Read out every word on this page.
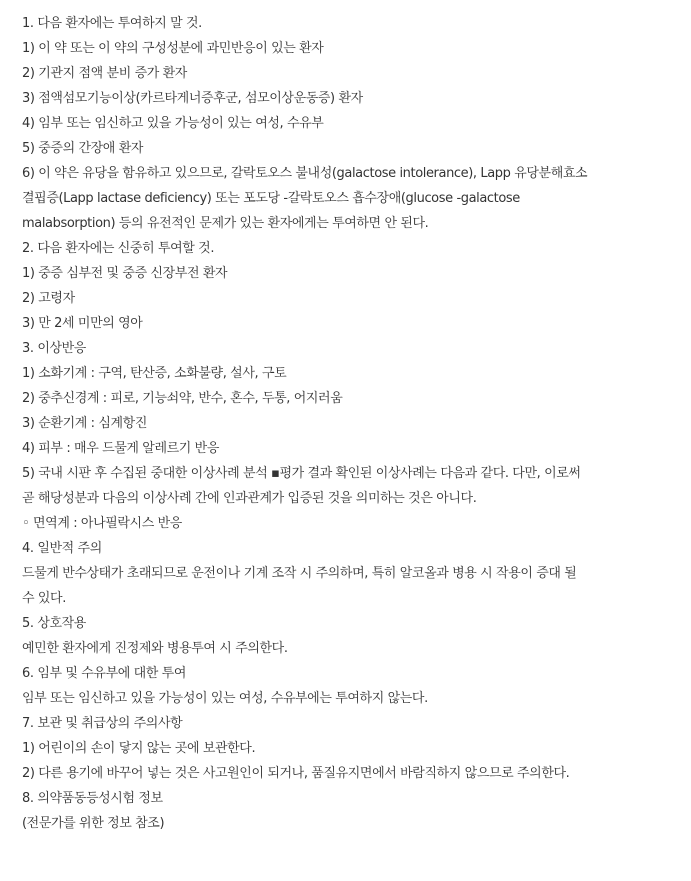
1. 다음 환자에는 투여하지 말 것.
1) 이 약 또는 이 약의 구성성분에 과민반응이 있는 환자
2) 기관지 점액 분비 증가 환자
3) 점액섬모기능이상(카르타게너증후군, 섬모이상운동증) 환자
4) 임부 또는 임신하고 있을 가능성이 있는 여성, 수유부
5) 중증의 간장애 환자
6) 이 약은 유당을 함유하고 있으므로, 갈락토오스 불내성(galactose intolerance), Lapp 유당분해효소
결핍증(Lapp lactase deficiency) 또는 포도당 -갈락토오스 흡수장애(glucose -galactose
malabsorption) 등의 유전적인 문제가 있는 환자에게는 투여하면 안 된다.
2. 다음 환자에는 신중히 투여할 것.
1) 중증 심부전 및 중증 신장부전 환자
2) 고령자
3) 만 2세 미만의 영아
3. 이상반응
1) 소화기계 : 구역, 탄산증, 소화불량, 설사, 구토
2) 중추신경계 : 피로, 기능쇠약, 반수, 혼수, 두통, 어지러움
3) 순환기계 : 심계항진
4) 피부 : 매우 드물게 알레르기 반응
5) 국내 시판 후 수집된 중대한 이상사례 분석 ▪평가 결과 확인된 이상사례는 다음과 같다. 다만, 이로써
곧 해당성분과 다음의 이상사례 간에 인과관계가 입증된 것을 의미하는 것은 아니다.
◦ 면역계 : 아나필락시스 반응
4. 일반적 주의
드물게 반수상태가 초래되므로 운전이나 기계 조작 시 주의하며, 특히 알코올과 병용 시 작용이 증대 될
수 있다.
5. 상호작용
예민한 환자에게 진정제와 병용투여 시 주의한다.
6. 임부 및 수유부에 대한 투여
임부 또는 임신하고 있을 가능성이 있는 여성, 수유부에는 투여하지 않는다.
7. 보관 및 취급상의 주의사항
1) 어린이의 손이 닿지 않는 곳에 보관한다.
2) 다른 용기에 바꾸어 넣는 것은 사고원인이 되거나, 품질유지면에서 바람직하지 않으므로 주의한다.
8. 의약품동등성시험 정보
(전문가를 위한 정보 참조)
